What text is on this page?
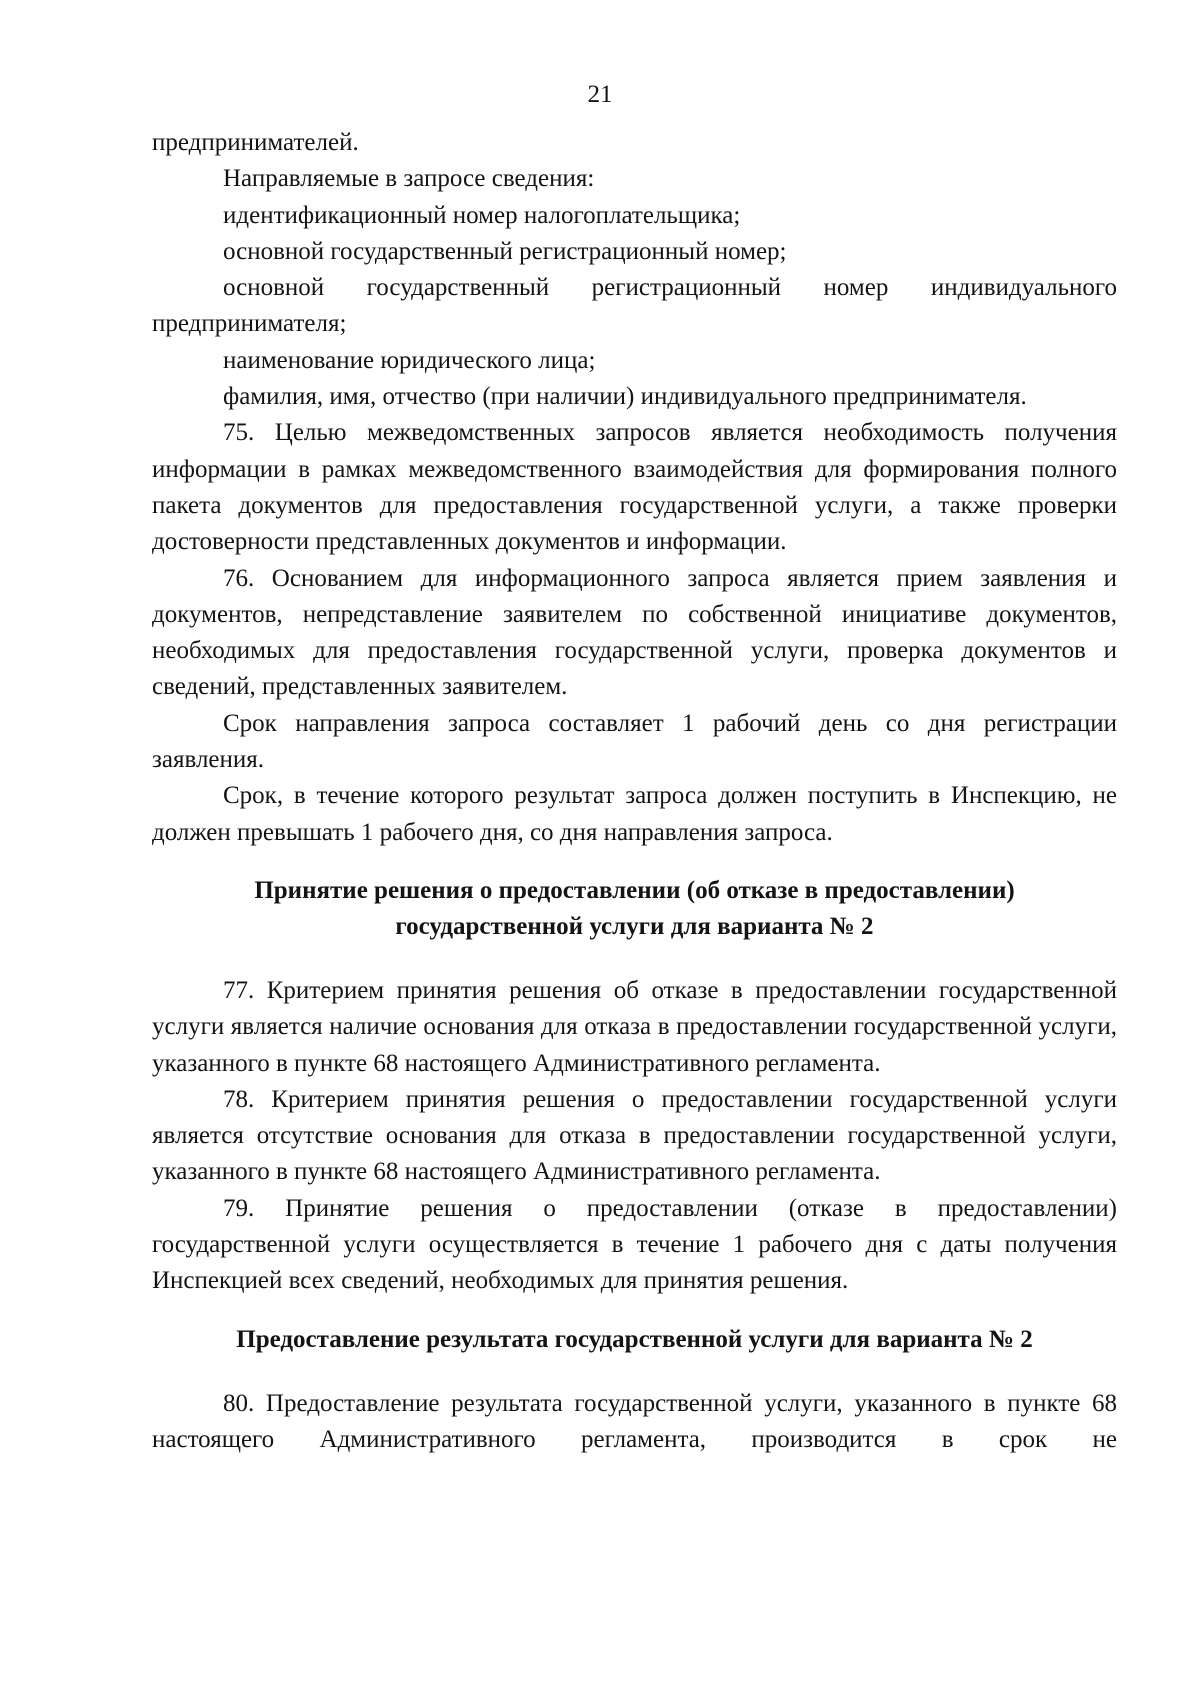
21

предпринимателей.

Направляемые в запросе сведения:

идентификационный номер налогоплательщика;

основной государственный регистрационный номер;

основной государственный регистрационный номер индивидуального предпринимателя;

наименование юридического лица;

фамилия, имя, отчество (при наличии) индивидуального предпринимателя.

75. Целью межведомственных запросов является необходимость получения информации в рамках межведомственного взаимодействия для формирования полного пакета документов для предоставления государственной услуги, а также проверки достоверности представленных документов и информации.

76. Основанием для информационного запроса является прием заявления и документов, непредставление заявителем по собственной инициативе документов, необходимых для предоставления государственной услуги, проверка документов и сведений, представленных заявителем.

Срок направления запроса составляет 1 рабочий день со дня регистрации заявления.

Срок, в течение которого результат запроса должен поступить в Инспекцию, не должен превышать 1 рабочего дня, со дня направления запроса.

Принятие решения о предоставлении (об отказе в предоставлении)
государственной услуги для варианта № 2

77. Критерием принятия решения об отказе в предоставлении государственной услуги является наличие основания для отказа в предоставлении государственной услуги, указанного в пункте 68 настоящего Административного регламента.

78. Критерием принятия решения о предоставлении государственной услуги является отсутствие основания для отказа в предоставлении государственной услуги, указанного в пункте 68 настоящего Административного регламента.

79. Принятие решения о предоставлении (отказе в предоставлении) государственной услуги осуществляется в течение 1 рабочего дня с даты получения Инспекцией всех сведений, необходимых для принятия решения.

Предоставление результата государственной услуги для варианта № 2

80. Предоставление результата государственной услуги, указанного в пункте 68 настоящего Административного регламента, производится в срок не
